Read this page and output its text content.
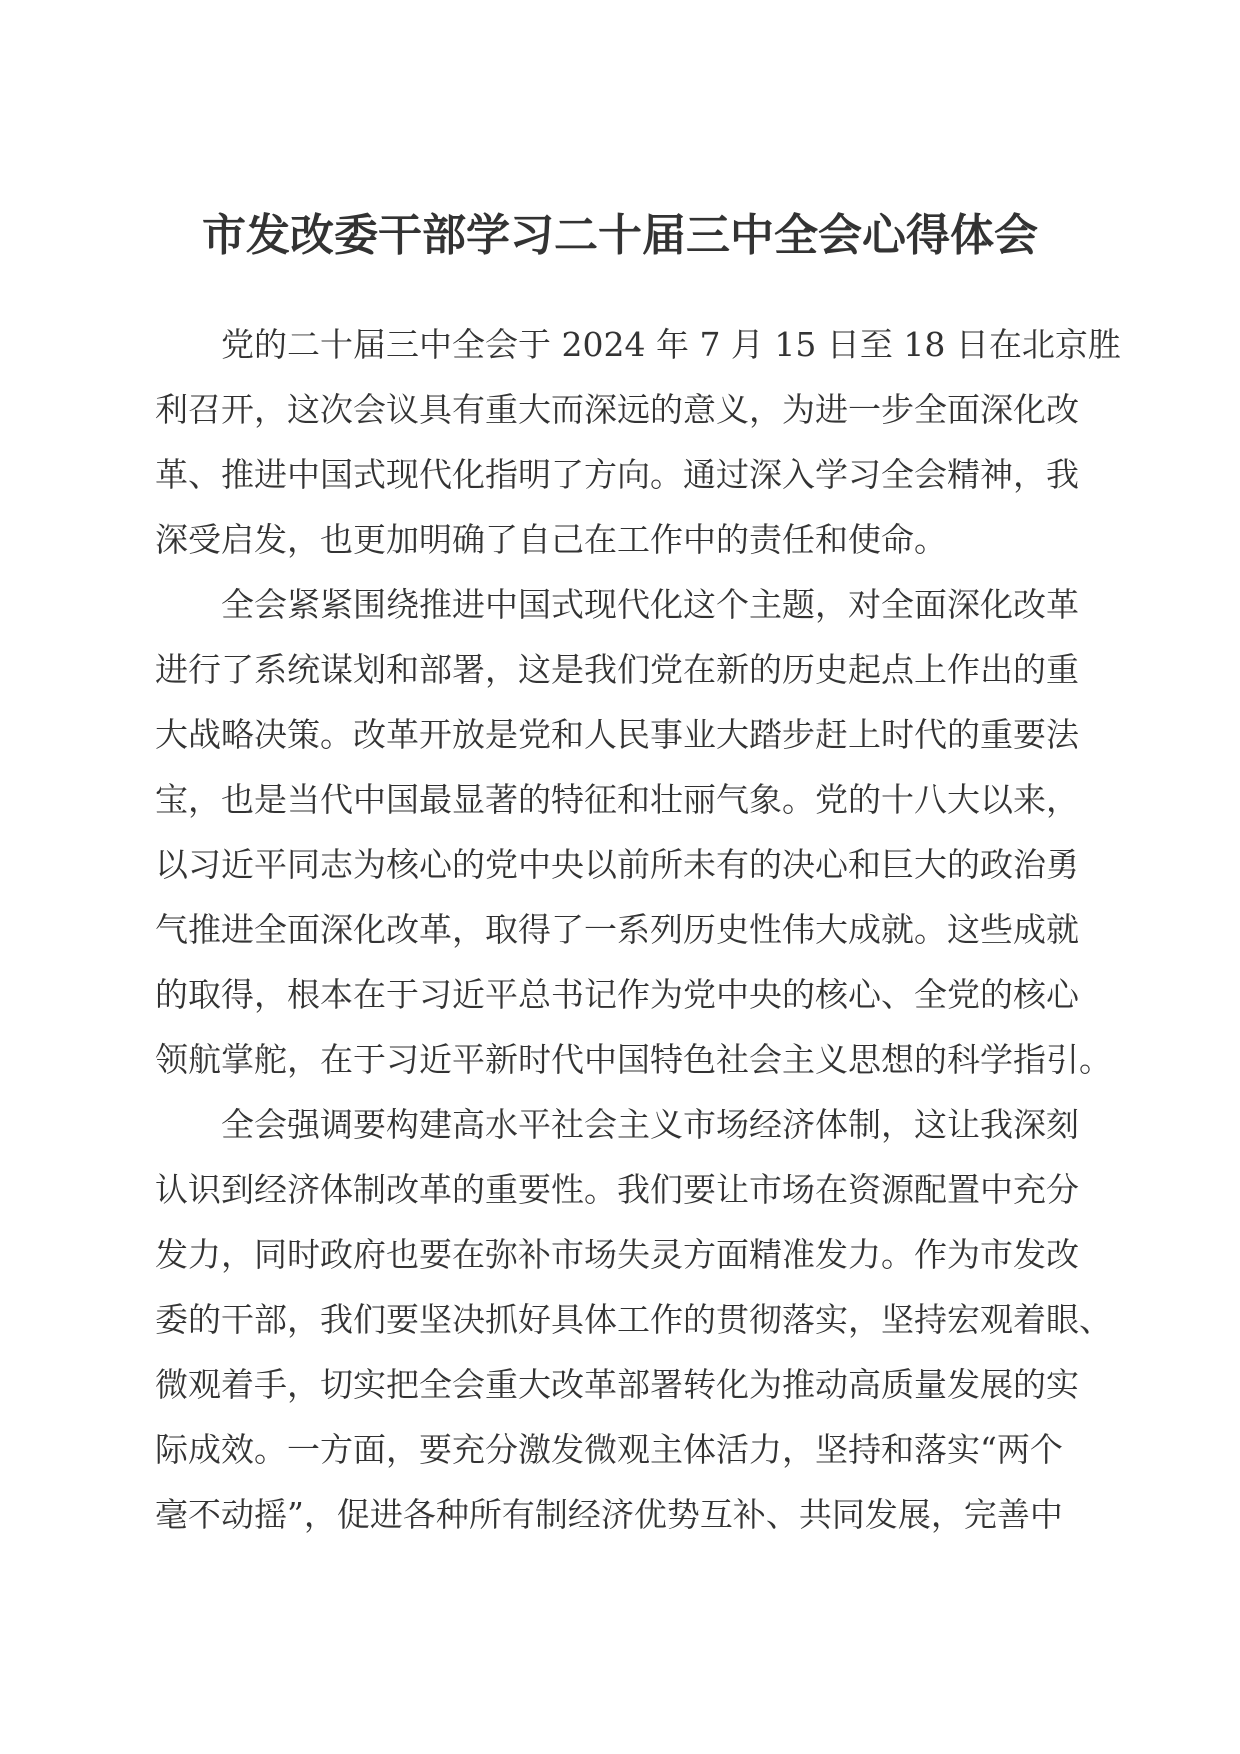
市发改委干部学习二十届三中全会心得体会
党的二十届三中全会于 2024 年 7 月 15 日至 18 日在北京胜
利召开，这次会议具有重大而深远的意义，为进一步全面深化改
革、推进中国式现代化指明了方向。通过深入学习全会精神，我
深受启发，也更加明确了自己在工作中的责任和使命。
全会紧紧围绕推进中国式现代化这个主题，对全面深化改革
进行了系统谋划和部署，这是我们党在新的历史起点上作出的重
大战略决策。改革开放是党和人民事业大踏步赶上时代的重要法
宝，也是当代中国最显著的特征和壮丽气象。党的十八大以来，
以习近平同志为核心的党中央以前所未有的决心和巨大的政治勇
气推进全面深化改革，取得了一系列历史性伟大成就。这些成就
的取得，根本在于习近平总书记作为党中央的核心、全党的核心
领航掌舵，在于习近平新时代中国特色社会主义思想的科学指引。
全会强调要构建高水平社会主义市场经济体制，这让我深刻
认识到经济体制改革的重要性。我们要让市场在资源配置中充分
发力，同时政府也要在弥补市场失灵方面精准发力。作为市发改
委的干部，我们要坚决抓好具体工作的贯彻落实，坚持宏观着眼、
微观着手，切实把全会重大改革部署转化为推动高质量发展的实
际成效。一方面，要充分激发微观主体活力，坚持和落实“两个
毫不动摇”，促进各种所有制经济优势互补、共同发展，完善中
